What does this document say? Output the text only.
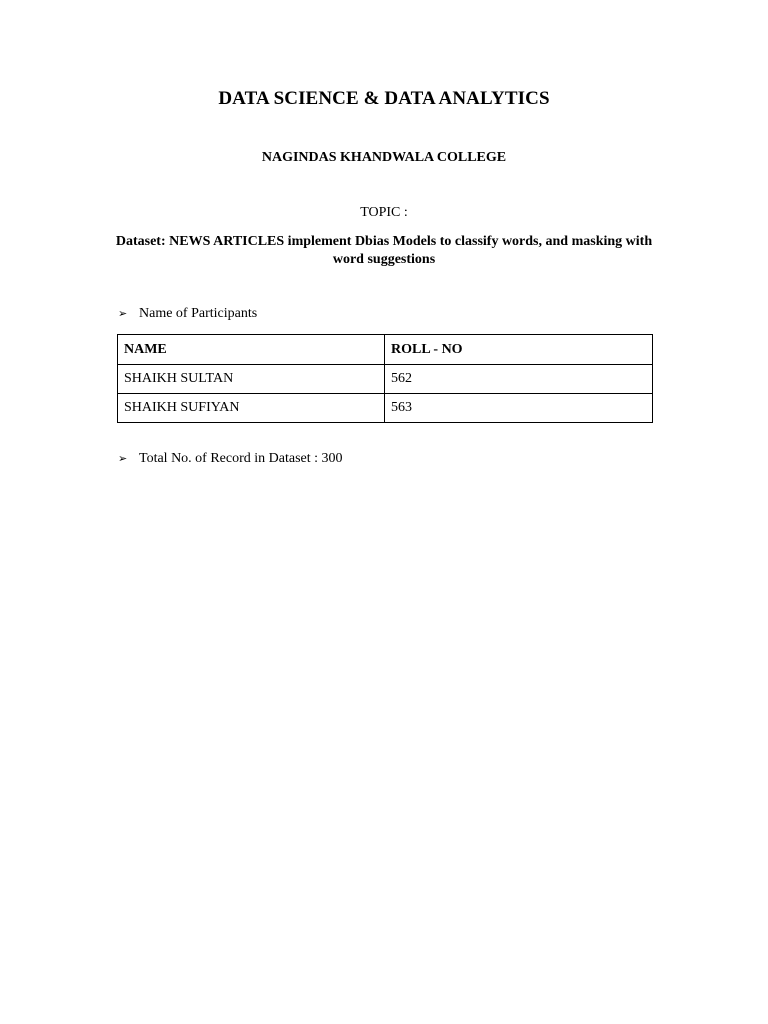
DATA SCIENCE & DATA ANALYTICS
NAGINDAS KHANDWALA COLLEGE
TOPIC :
Dataset: NEWS ARTICLES implement Dbias Models to classify words, and masking with word suggestions
➢ Name of Participants
NAME	ROLL - NO
SHAIKH SULTAN	562
SHAIKH SUFIYAN	563
➢ Total No. of Record in Dataset : 300
